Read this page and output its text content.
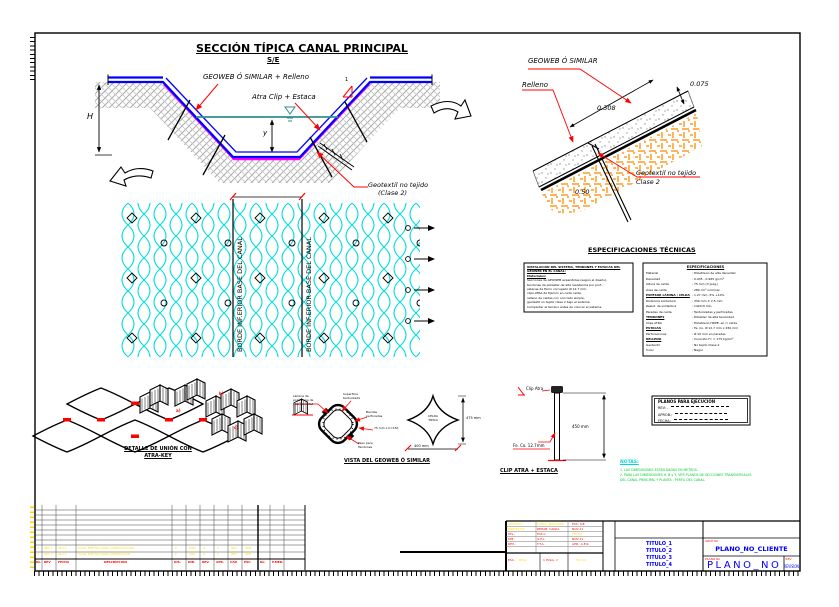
SECCIÓN TÍPICA CANAL PRINCIPAL
S/E
GEOWEB Ó SIMILAR + Relleno
Atra Clip + Estaca
Geotextil no tejido
(Clase 2)
H
y
1
BORDE INF.ERIOR BASE DEL CANAL	BORDE INF.ERIOR BASE DEL CANAL
GEOWEB Ó SIMILAR
Relleno
0.308
0.075
0.50
Geotextil no tejido
Clase 2
ESPECIFICACIONES TÉCNICAS
INSTALACIÓN DEL SISTEMA, TENDONES Y ESTACAS DEL
GEOWEB EN EL CANAL:
Materiales:
Secciones de GEOWEB expandidas (según el diseño),
tendones de poliéster de alta resistencia por prof.,
estacas de fierro corrugado Ø 12.7 mm,
clips ATRA de fijación en cada celda,
relleno de celdas con concreto simple,
geotextil no tejido clase 2 bajo el sistema.
Compactar el terreno antes de colocar el sistema.
ESPECIFICACIONES
Material	: Polietileno de alta densidad
Densidad	: 0.935 - 0.965 g/cm³
Altura de celda	: 75 mm (3 pulg.)
Área de celda	: 289 cm² nominal
ESPESOR LÁMINA / CELDA : 1.27 mm -5% +10%
Distancia soldadura	: 330 mm ± 2.5 mm
Resist. de soldadura	: 1420 N mín.
Paredes de celda	: Texturizadas y perforadas
TENDONES	: Poliéster de alta tenacidad
Clips ATRA	: Polietileno HDPE, en c/ celda
ESTACAS	: Fe. Co. Ø 12.7 mm x 450 mm
Perforaciones	: Ø 10 mm en paredes
RELLENO	: Concreto f'c = 175 kg/cm²
Geotextil	: No tejido Clase 2
Color	: Negro
DETALLE DE UNIÓN CON
ATRA-KEY
a)
b)
c)
Lámina de polietileno de alta densidad
Superficie texturizada
Bandas perforadas
75 mm x h=150
Paso para Tendones
CELDA
TÍPICA	475 mm
400 mm
VISTA DEL GEOWEB Ó SIMILAR
Clip Atra
Fe. Co. 12.7mm
450 mm
CLIP ATRA + ESTACA
PLANOS PARA EJECUCIÓN
REV: -
APROB.:
FECHA:
NOTAS:
1. LAS DIMENSIONES ESTÁN DADAS EN METROS.
2. PARA LAS DIMENSIONES H, B y Y, VER PLANOS DE SECCIONES TRANSVERSALES
DEL CANAL PRINCIPAL Y PLANTA - PERFIL DEL CANAL.
1 REV 1 05-11	PLAN. EMITIDO PARA CONSTRUCCIÓN	P	MRC G	F	JMG	AER
2 REV 2 06-11	PLAN. EMITIDO PARA APROBACIÓN	P	MRC G	F	JMG	AER
No REV FECHA	DESCRIPCIÓN	DIS. DIB. REV. APR. CAD ESC.	No P.MED.
ARCHIVO:	CANAL_PRIN.DWG	ESC: S/E
PROYECTO:	REHAB. CANAL	NOV-11
DIS.:	M.R.C.	FECHA:
DIB.:	G.P.L.	NOV-11
REV.:	F.T.A.	APR.: A.E.R.
ESC. REAL	1 PULG. =	50 mm
TITULO_1
TITULO_2
TITULO_3
TITULO_4
ARCH No
PLANO_NO_CLIENTE
PLANO No
PLANO_NO
REV
REVISION
